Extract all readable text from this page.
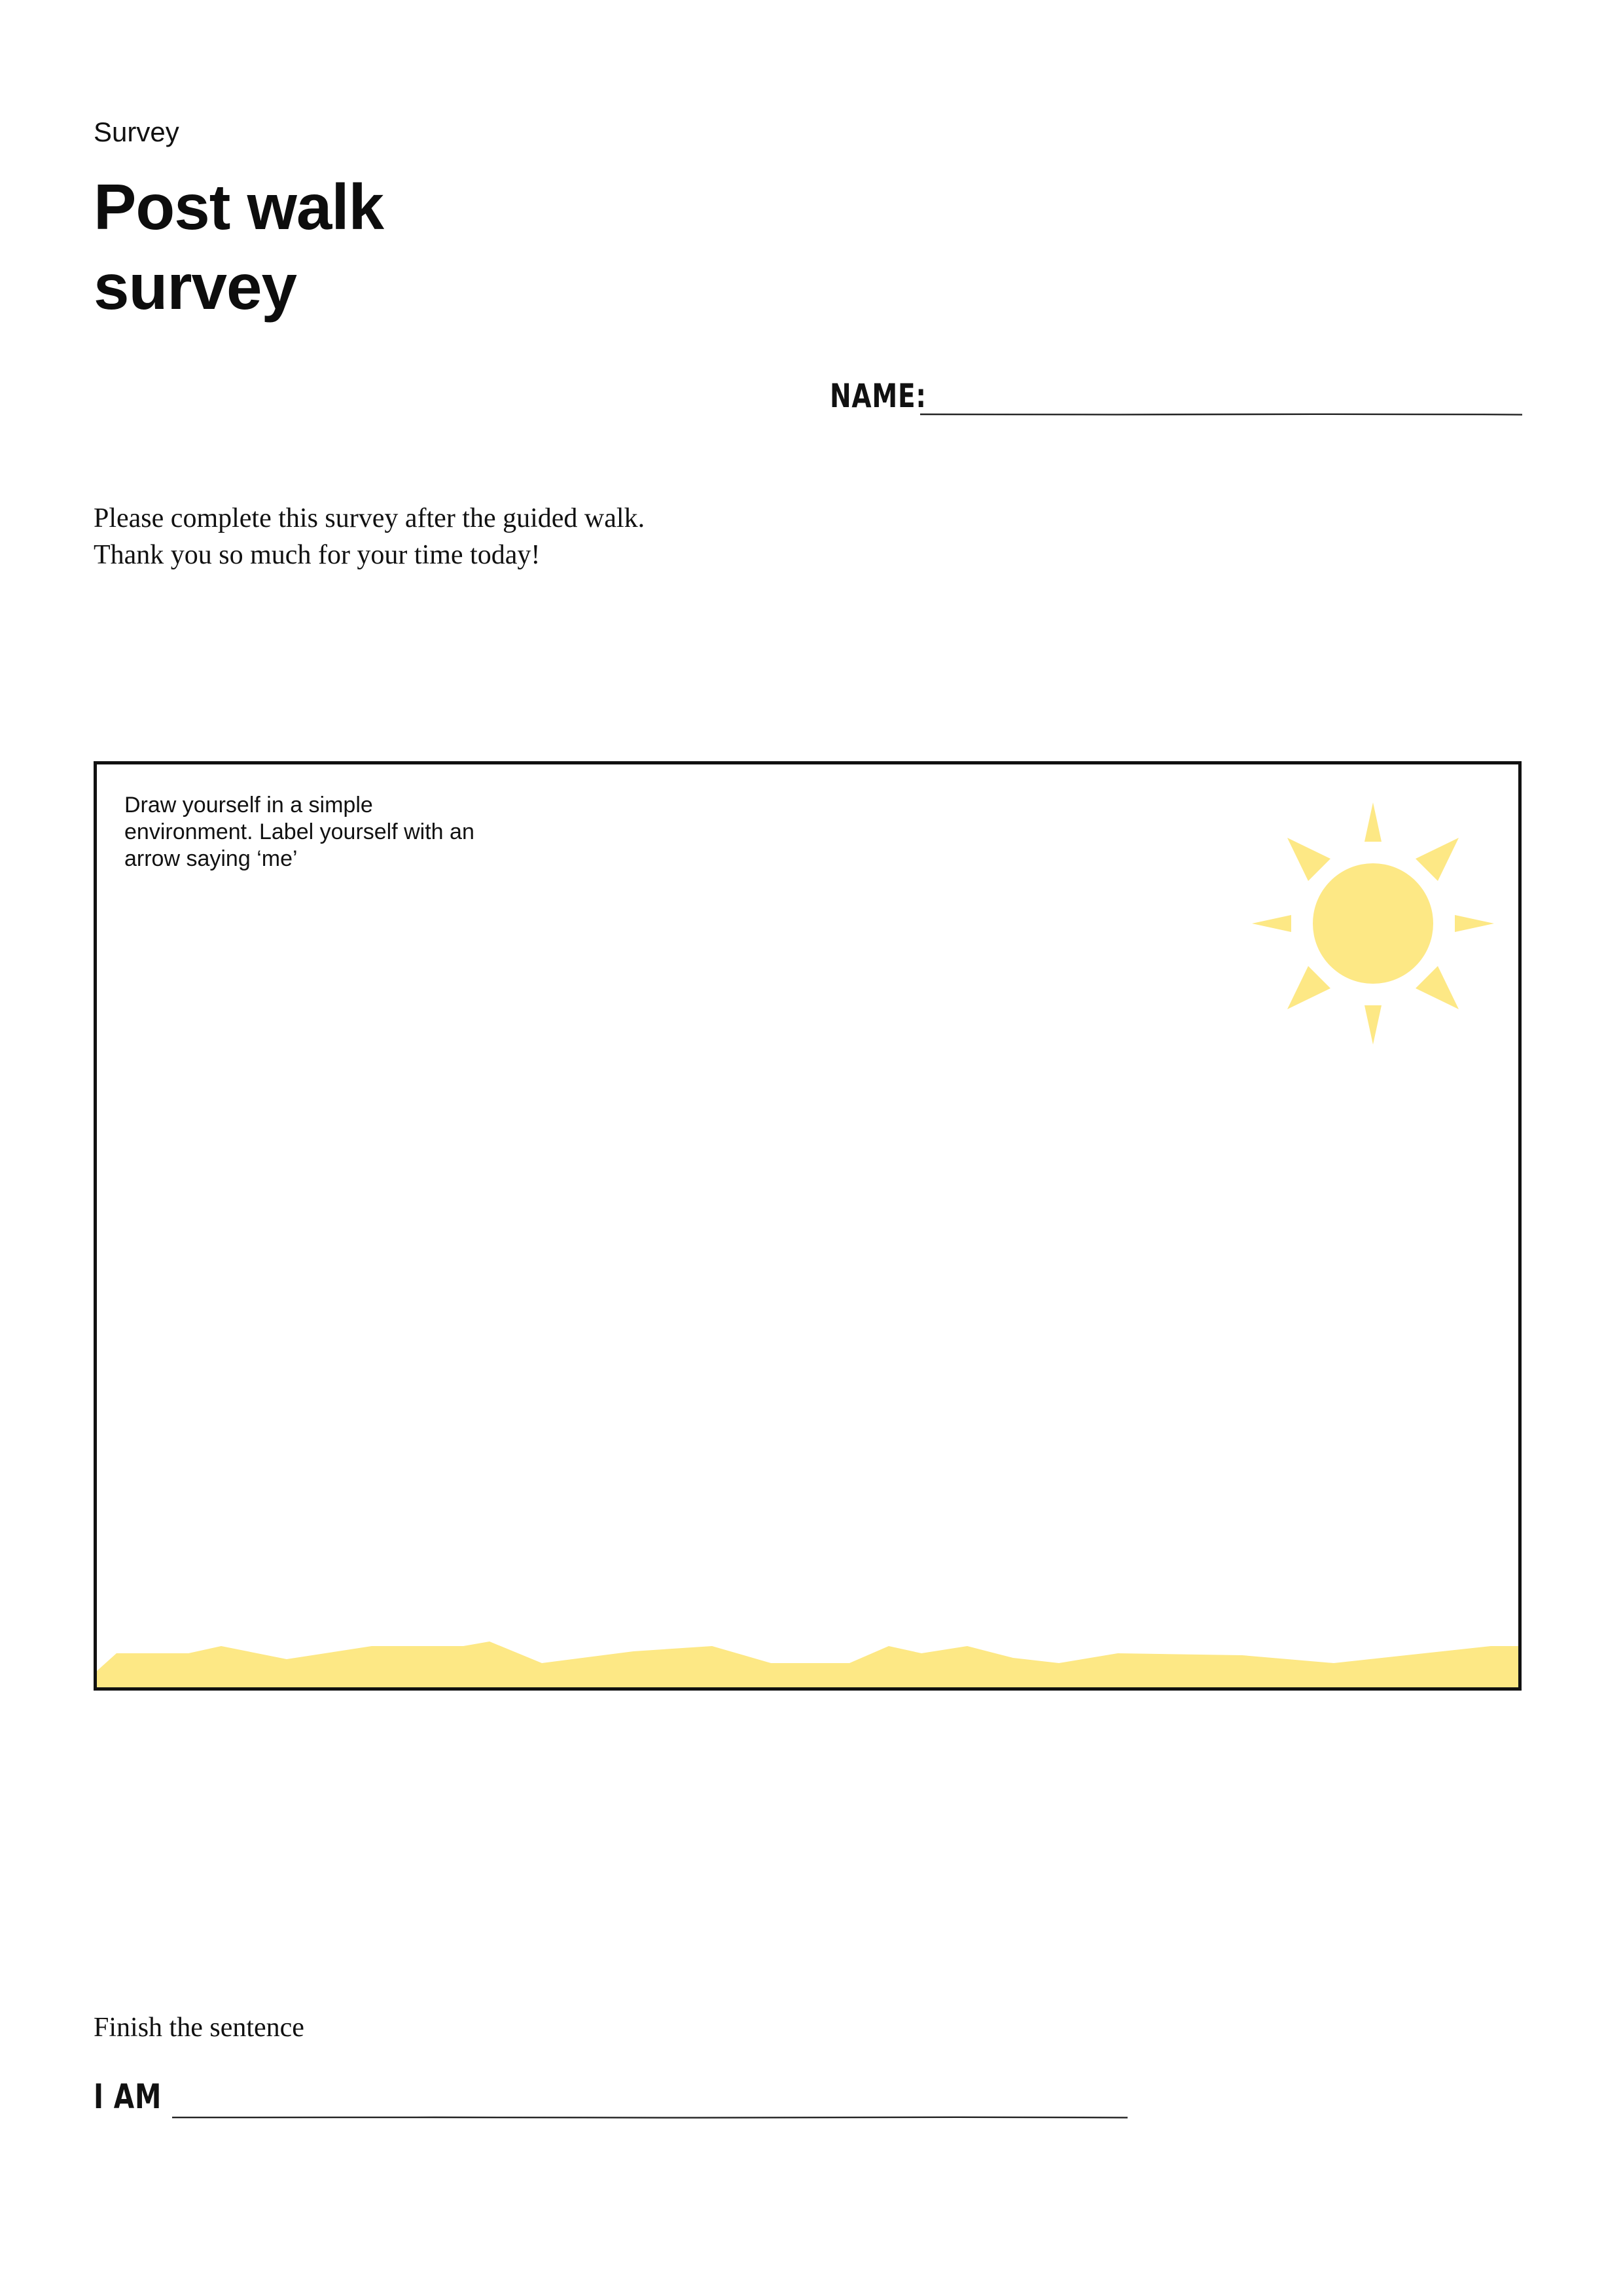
Survey
Post walk
survey
NAME:
Please complete this survey after the guided walk.
Thank you so much for your time today!
Draw yourself in a simple environment. Label yourself with an arrow saying ‘me’
Finish the sentence
I AM
